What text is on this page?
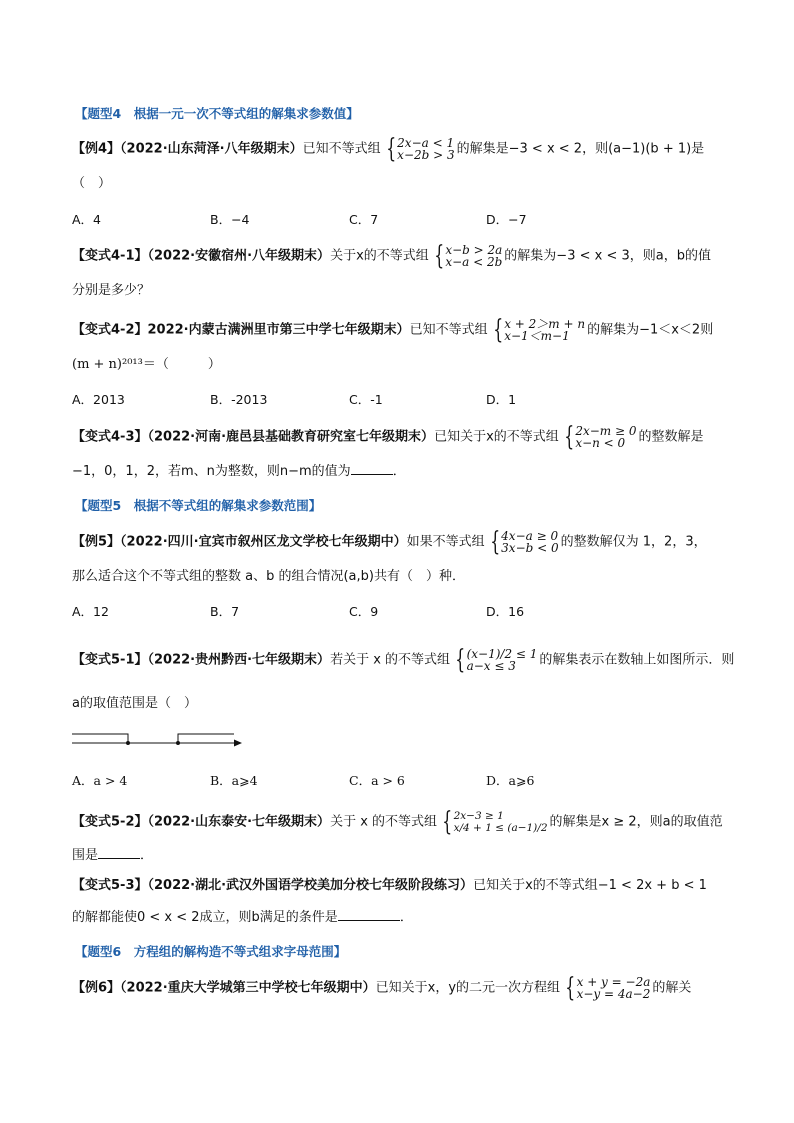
【题型4　根据一元一次不等式组的解集求参数值】
【例4】（2022·山东菏泽·八年级期末）已知不等式组 { 2x−a < 1
x−2b > 3 的解集是−3 < x < 2，则(a−1)(b + 1)是
（　）
A．4	B．−4	C．7	D．−7
【变式4-1】（2022·安徽宿州·八年级期末）关于x的不等式组 { x−b > 2a
x−a < 2b 的解集为−3 < x < 3，则a，b的值
分别是多少？
【变式4-2】2022·内蒙古满洲里市第三中学七年级期末）已知不等式组 { x + 2＞m + n
x−1＜m−1	的解集为−1＜x＜2则
(m + n)²⁰¹³＝（　　　）
A．2013	B．-2013	C．-1	D．1
【变式4-3】（2022·河南·鹿邑县基础教育研究室七年级期末）已知关于x的不等式组 { 2x−m ≥ 0
x−n < 0	的整数解是
−1，0，1，2，若m、n为整数，则n−m的值为	．
【题型5　根据不等式组的解集求参数范围】
【例5】（2022·四川·宜宾市叙州区龙文学校七年级期中）如果不等式组 { 4x−a ≥ 0
3x−b < 0 的整数解仅为 1，2，3，
那么适合这个不等式组的整数 a、b 的组合情况(a,b)共有（　）种．
A．12	B．7	C．9	D．16
【变式5-1】（2022·贵州黔西·七年级期末）若关于 x 的不等式组 { (x−1)/2 ≤ 1
a−x ≤ 3	的解集表示在数轴上如图所示．则
a的取值范围是（　）
A．a > 4	B．a⩾4	C．a > 6	D．a⩾6
【变式5-2】（2022·山东泰安·七年级期末）关于 x 的不等式组 { 2x−3 ≥ 1
x/4 + 1 ≤ (a−1)/2 的解集是x ≥ 2，则a的取值范
围是	．
【变式5-3】（2022·湖北·武汉外国语学校美加分校七年级阶段练习）已知关于x的不等式组−1 < 2x + b < 1
的解都能使0 < x < 2成立，则b满足的条件是	．
【题型6　方程组的解构造不等式组求字母范围】
【例6】（2022·重庆大学城第三中学校七年级期中）已知关于x，y的二元一次方程组 { x + y = −2a
x−y = 4a−2 的解关
